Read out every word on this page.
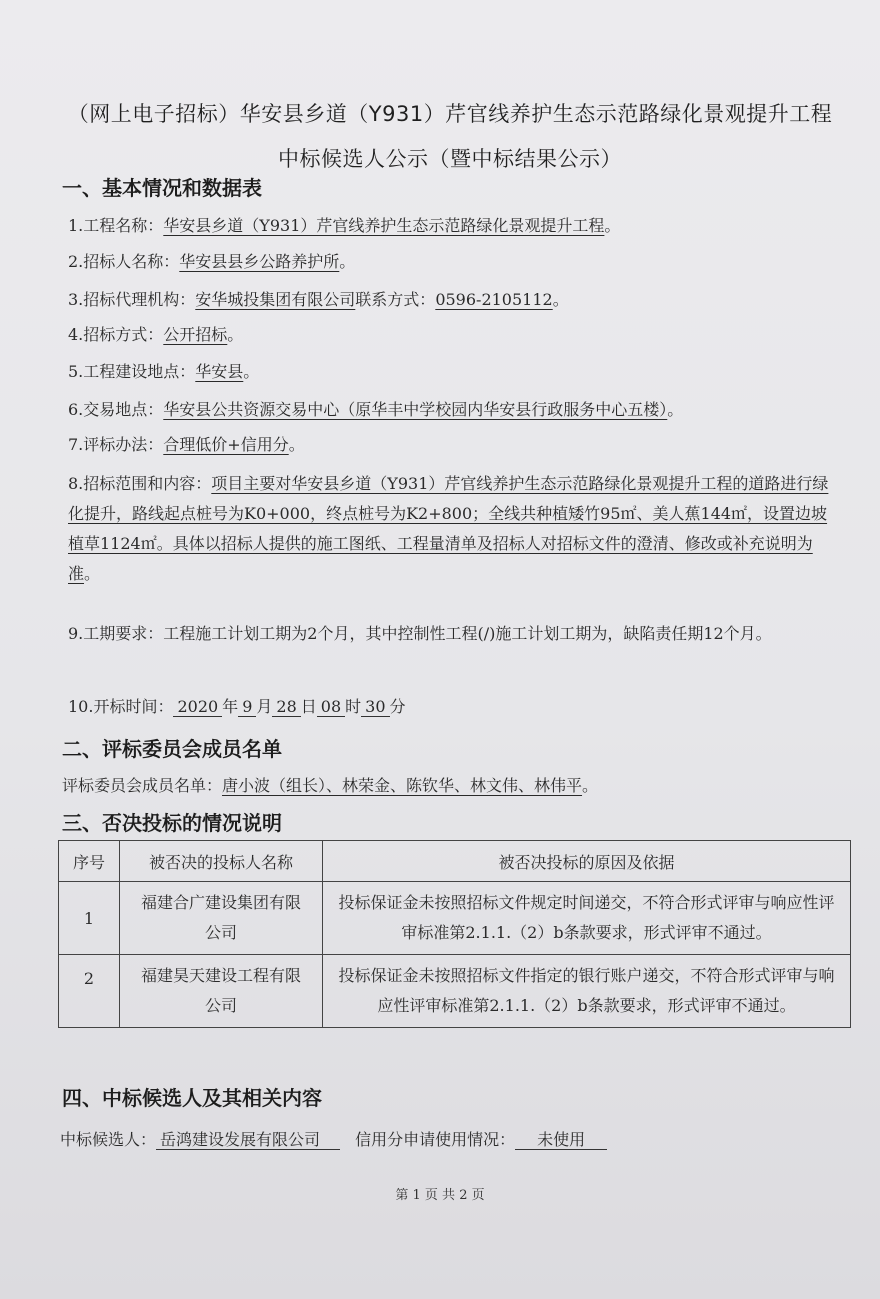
（网上电子招标）华安县乡道（Y931）芹官线养护生态示范路绿化景观提升工程
中标候选人公示（暨中标结果公示）
一、基本情况和数据表
1.工程名称：华安县乡道（Y931）芹官线养护生态示范路绿化景观提升工程。
2.招标人名称：华安县县乡公路养护所。
3.招标代理机构：安华城投集团有限公司联系方式：0596-2105112。
4.招标方式：公开招标。
5.工程建设地点：华安县。
6.交易地点：华安县公共资源交易中心（原华丰中学校园内华安县行政服务中心五楼）。
7.评标办法：合理低价+信用分。
8.招标范围和内容：项目主要对华安县乡道（Y931）芹官线养护生态示范路绿化景观提升工程的道路进行绿化提升，路线起点桩号为K0+000，终点桩号为K2+800；全线共种植矮竹95㎡、美人蕉144㎡，设置边坡植草1124㎡。具体以招标人提供的施工图纸、工程量清单及招标人对招标文件的澄清、修改或补充说明为准。
9.工期要求：工程施工计划工期为2个月，其中控制性工程(/)施工计划工期为，缺陷责任期12个月。
10.开标时间： 2020 年 9 月 28 日 08 时 30 分
二、评标委员会成员名单
评标委员会成员名单：唐小波（组长）、林荣金、陈钦华、林文伟、林伟平。
三、否决投标的情况说明
序号	被否决的投标人名称	被否决投标的原因及依据
1	福建合广建设集团有限公司	投标保证金未按照招标文件规定时间递交，不符合形式评审与响应性评审标准第2.1.1.（2）b条款要求，形式评审不通过。
2	福建昊天建设工程有限公司	投标保证金未按照招标文件指定的银行账户递交，不符合形式评审与响应性评审标准第2.1.1.（2）b条款要求，形式评审不通过。
四、中标候选人及其相关内容
中标候选人： 岳鸿建设发展有限公司 信用分申请使用情况： 未使用
第 1 页 共 2 页
